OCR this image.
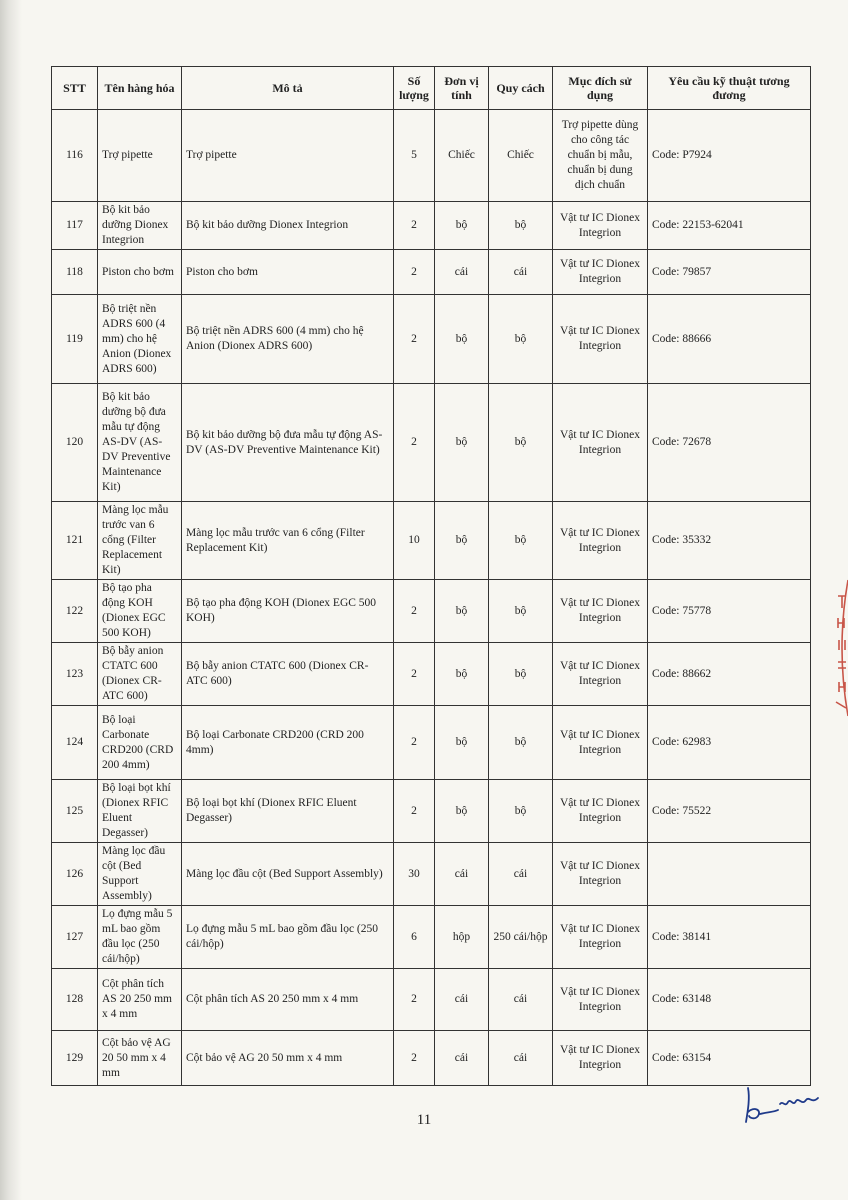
STT	Tên hàng hóa	Mô tả	Số lượng	Đơn vị tính	Quy cách	Mục đích sử dụng	Yêu cầu kỹ thuật tương đương
116	Trợ pipette	Trợ pipette	5	Chiếc	Chiếc	Trợ pipette dùng cho công tác chuẩn bị mẫu, chuẩn bị dung dịch chuẩn	Code: P7924
117	Bộ kit bảo dưỡng Dionex Integrion	Bộ kit bảo dưỡng Dionex Integrion	2	bộ	bộ	Vật tư IC Dionex Integrion	Code: 22153-62041
118	Piston cho bơm	Piston cho bơm	2	cái	cái	Vật tư IC Dionex Integrion	Code: 79857
119	Bộ triệt nền ADRS 600 (4 mm) cho hệ Anion (Dionex ADRS 600)	Bộ triệt nền ADRS 600 (4 mm) cho hệ Anion (Dionex ADRS 600)	2	bộ	bộ	Vật tư IC Dionex Integrion	Code: 88666
120	Bộ kit bảo dưỡng bộ đưa mẫu tự động AS-DV (AS-DV Preventive Maintenance Kit)	Bộ kit bảo dưỡng bộ đưa mẫu tự động AS-DV (AS-DV Preventive Maintenance Kit)	2	bộ	bộ	Vật tư IC Dionex Integrion	Code: 72678
121	Màng lọc mẫu trước van 6 cổng (Filter Replacement Kit)	Màng lọc mẫu trước van 6 cổng (Filter Replacement Kit)	10	bộ	bộ	Vật tư IC Dionex Integrion	Code: 35332
122	Bộ tạo pha động KOH (Dionex EGC 500 KOH)	Bộ tạo pha động KOH (Dionex EGC 500 KOH)	2	bộ	bộ	Vật tư IC Dionex Integrion	Code: 75778
123	Bộ bẫy anion CTATC 600 (Dionex CR-ATC 600)	Bộ bẫy anion CTATC 600 (Dionex CR-ATC 600)	2	bộ	bộ	Vật tư IC Dionex Integrion	Code: 88662
124	Bộ loại Carbonate CRD200 (CRD 200 4mm)	Bộ loại Carbonate CRD200 (CRD 200 4mm)	2	bộ	bộ	Vật tư IC Dionex Integrion	Code: 62983
125	Bộ loại bọt khí (Dionex RFIC Eluent Degasser)	Bộ loại bọt khí (Dionex RFIC Eluent Degasser)	2	bộ	bộ	Vật tư IC Dionex Integrion	Code: 75522
126	Màng lọc đầu cột (Bed Support Assembly)	Màng lọc đầu cột (Bed Support Assembly)	30	cái	cái	Vật tư IC Dionex Integrion	
127	Lọ đựng mẫu 5 mL bao gồm đầu lọc (250 cái/hộp)	Lọ đựng mẫu 5 mL bao gồm đầu lọc (250 cái/hộp)	6	hộp	250 cái/hộp	Vật tư IC Dionex Integrion	Code: 38141
128	Cột phân tích AS 20 250 mm x 4 mm	Cột phân tích AS 20 250 mm x 4 mm	2	cái	cái	Vật tư IC Dionex Integrion	Code: 63148
129	Cột bảo vệ AG 20 50 mm x 4 mm	Cột bảo vệ AG 20 50 mm x 4 mm	2	cái	cái	Vật tư IC Dionex Integrion	Code: 63154
11
